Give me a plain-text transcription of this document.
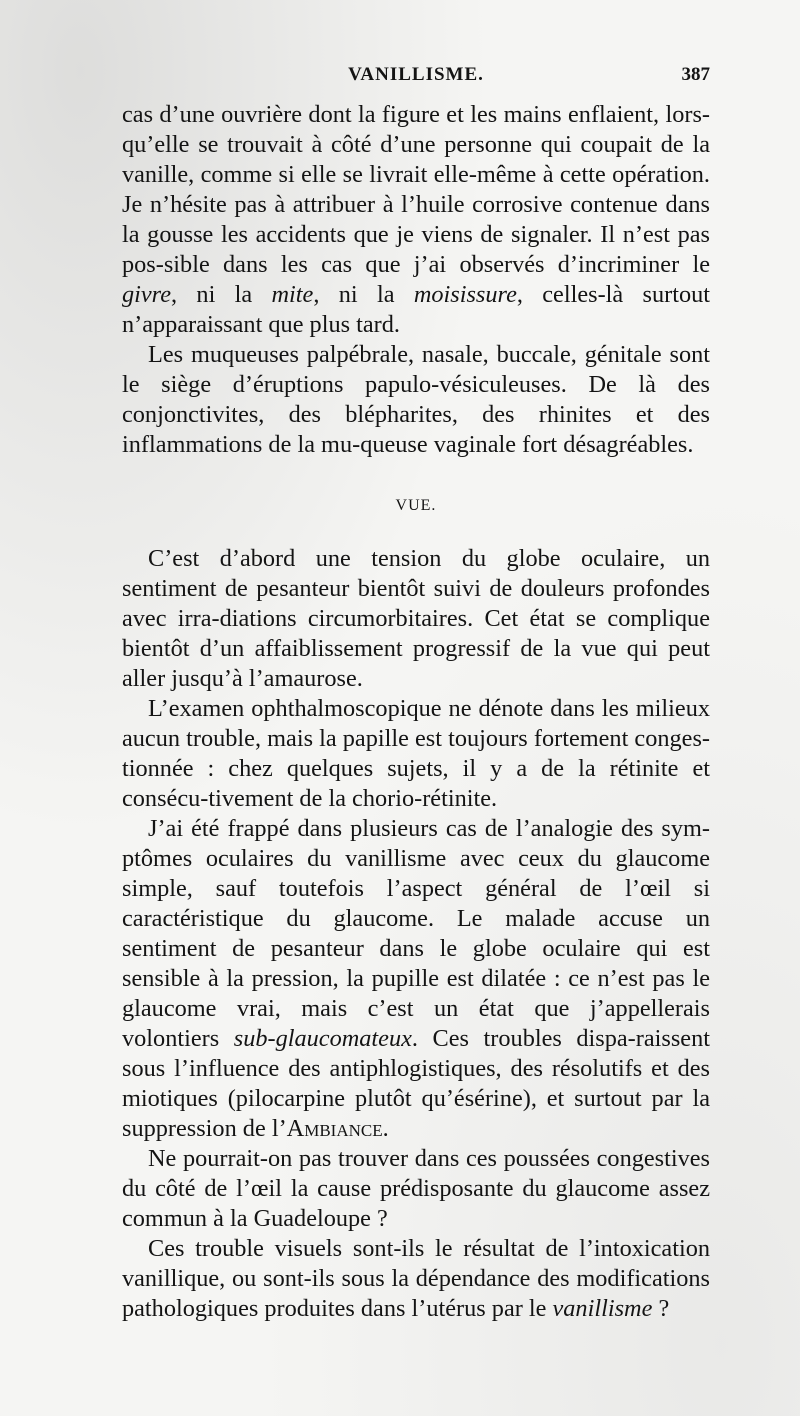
VANILLISME.	387

cas d’une ouvrière dont la figure et les mains enflaient, lors-qu’elle se trouvait à côté d’une personne qui coupait de la vanille, comme si elle se livrait elle-même à cette opération. Je n’hésite pas à attribuer à l’huile corrosive contenue dans la gousse les accidents que je viens de signaler. Il n’est pas pos-sible dans les cas que j’ai observés d’incriminer le givre, ni la mite, ni la moisissure, celles-là surtout n’apparaissant que plus tard.

Les muqueuses palpébrale, nasale, buccale, génitale sont le siège d’éruptions papulo-vésiculeuses. De là des conjonctivites, des blépharites, des rhinites et des inflammations de la mu-queuse vaginale fort désagréables.

VUE.

C’est d’abord une tension du globe oculaire, un sentiment de pesanteur bientôt suivi de douleurs profondes avec irra-diations circumorbitaires. Cet état se complique bientôt d’un affaiblissement progressif de la vue qui peut aller jusqu’à l’amaurose.

L’examen ophthalmoscopique ne dénote dans les milieux aucun trouble, mais la papille est toujours fortement conges-tionnée : chez quelques sujets, il y a de la rétinite et consécu-tivement de la chorio-rétinite.

J’ai été frappé dans plusieurs cas de l’analogie des sym-ptômes oculaires du vanillisme avec ceux du glaucome simple, sauf toutefois l’aspect général de l’œil si caractéristique du glaucome. Le malade accuse un sentiment de pesanteur dans le globe oculaire qui est sensible à la pression, la pupille est dilatée : ce n’est pas le glaucome vrai, mais c’est un état que j’appellerais volontiers sub-glaucomateux. Ces troubles dispa-raissent sous l’influence des antiphlogistiques, des résolutifs et des miotiques (pilocarpine plutôt qu’ésérine), et surtout par la suppression de l’Ambiance.

Ne pourrait-on pas trouver dans ces poussées congestives du côté de l’œil la cause prédisposante du glaucome assez commun à la Guadeloupe ?

Ces trouble visuels sont-ils le résultat de l’intoxication vanillique, ou sont-ils sous la dépendance des modifications pathologiques produites dans l’utérus par le vanillisme ?
